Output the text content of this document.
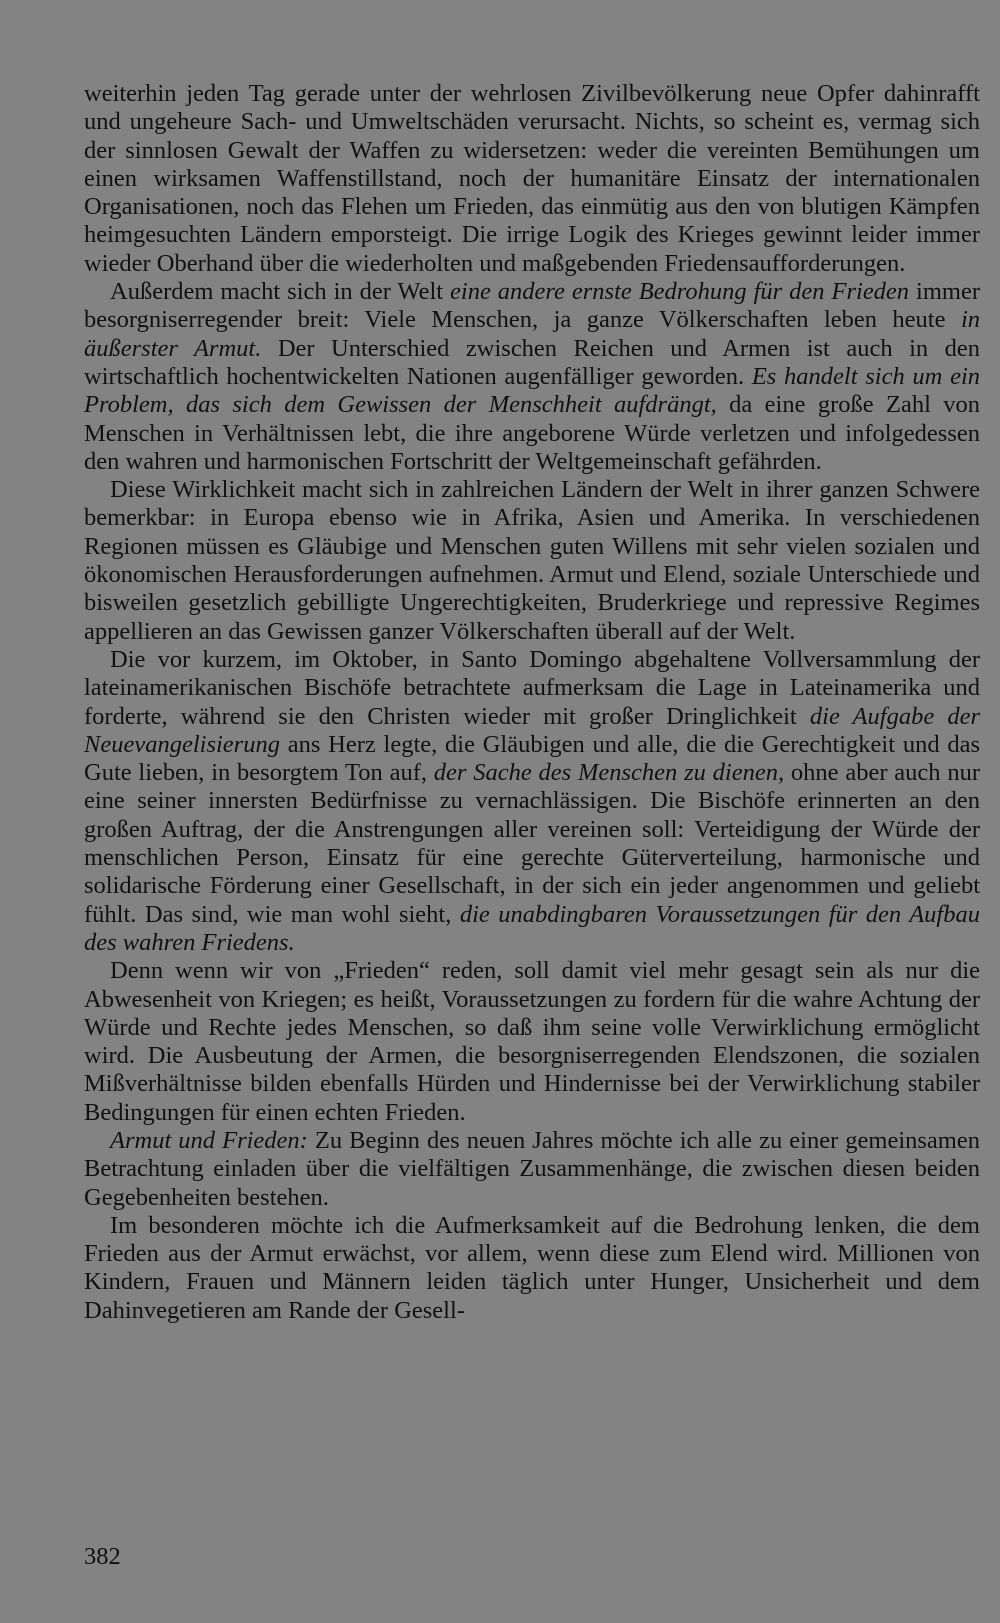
weiterhin jeden Tag gerade unter der wehrlosen Zivilbevölkerung neue Opfer dahinrafft und ungeheure Sach- und Umweltschäden verursacht. Nichts, so scheint es, vermag sich der sinnlosen Gewalt der Waffen zu widersetzen: weder die vereinten Bemühungen um einen wirksamen Waffenstillstand, noch der humanitäre Einsatz der internationalen Organisationen, noch das Flehen um Frieden, das einmütig aus den von blutigen Kämpfen heimgesuchten Ländern emporsteigt. Die irrige Logik des Krieges gewinnt leider immer wieder Oberhand über die wiederholten und maßgebenden Friedensaufforderungen.

Außerdem macht sich in der Welt eine andere ernste Bedrohung für den Frieden immer besorgniserregender breit: Viele Menschen, ja ganze Völkerschaften leben heute in äußerster Armut. Der Unterschied zwischen Reichen und Armen ist auch in den wirtschaftlich hochentwickelten Nationen augenfälliger geworden. Es handelt sich um ein Problem, das sich dem Gewissen der Menschheit aufdrängt, da eine große Zahl von Menschen in Verhältnissen lebt, die ihre angeborene Würde verletzen und infolgedessen den wahren und harmonischen Fortschritt der Weltgemeinschaft gefährden.

Diese Wirklichkeit macht sich in zahlreichen Ländern der Welt in ihrer ganzen Schwere bemerkbar: in Europa ebenso wie in Afrika, Asien und Amerika. In verschiedenen Regionen müssen es Gläubige und Menschen guten Willens mit sehr vielen sozialen und ökonomischen Herausforderungen aufnehmen. Armut und Elend, soziale Unterschiede und bisweilen gesetzlich gebilligte Ungerechtigkeiten, Bruderkriege und repressive Regimes appellieren an das Gewissen ganzer Völkerschaften überall auf der Welt.

Die vor kurzem, im Oktober, in Santo Domingo abgehaltene Vollversammlung der lateinamerikanischen Bischöfe betrachtete aufmerksam die Lage in Lateinamerika und forderte, während sie den Christen wieder mit großer Dringlichkeit die Aufgabe der Neuevangelisierung ans Herz legte, die Gläubigen und alle, die die Gerechtigkeit und das Gute lieben, in besorgtem Ton auf, der Sache des Menschen zu dienen, ohne aber auch nur eine seiner innersten Bedürfnisse zu vernachlässigen. Die Bischöfe erinnerten an den großen Auftrag, der die Anstrengungen aller vereinen soll: Verteidigung der Würde der menschlichen Person, Einsatz für eine gerechte Güterverteilung, harmonische und solidarische Förderung einer Gesellschaft, in der sich ein jeder angenommen und geliebt fühlt. Das sind, wie man wohl sieht, die unabdingbaren Voraussetzungen für den Aufbau des wahren Friedens.

Denn wenn wir von „Frieden“ reden, soll damit viel mehr gesagt sein als nur die Abwesenheit von Kriegen; es heißt, Voraussetzungen zu fordern für die wahre Achtung der Würde und Rechte jedes Menschen, so daß ihm seine volle Verwirklichung ermöglicht wird. Die Ausbeutung der Armen, die besorgniserregenden Elendszonen, die sozialen Mißverhältnisse bilden ebenfalls Hürden und Hindernisse bei der Verwirklichung stabiler Bedingungen für einen echten Frieden.

Armut und Frieden: Zu Beginn des neuen Jahres möchte ich alle zu einer gemeinsamen Betrachtung einladen über die vielfältigen Zusammenhänge, die zwischen diesen beiden Gegebenheiten bestehen.

Im besonderen möchte ich die Aufmerksamkeit auf die Bedrohung lenken, die dem Frieden aus der Armut erwächst, vor allem, wenn diese zum Elend wird. Millionen von Kindern, Frauen und Männern leiden täglich unter Hunger, Unsicherheit und dem Dahinvegetieren am Rande der Gesell-

382
